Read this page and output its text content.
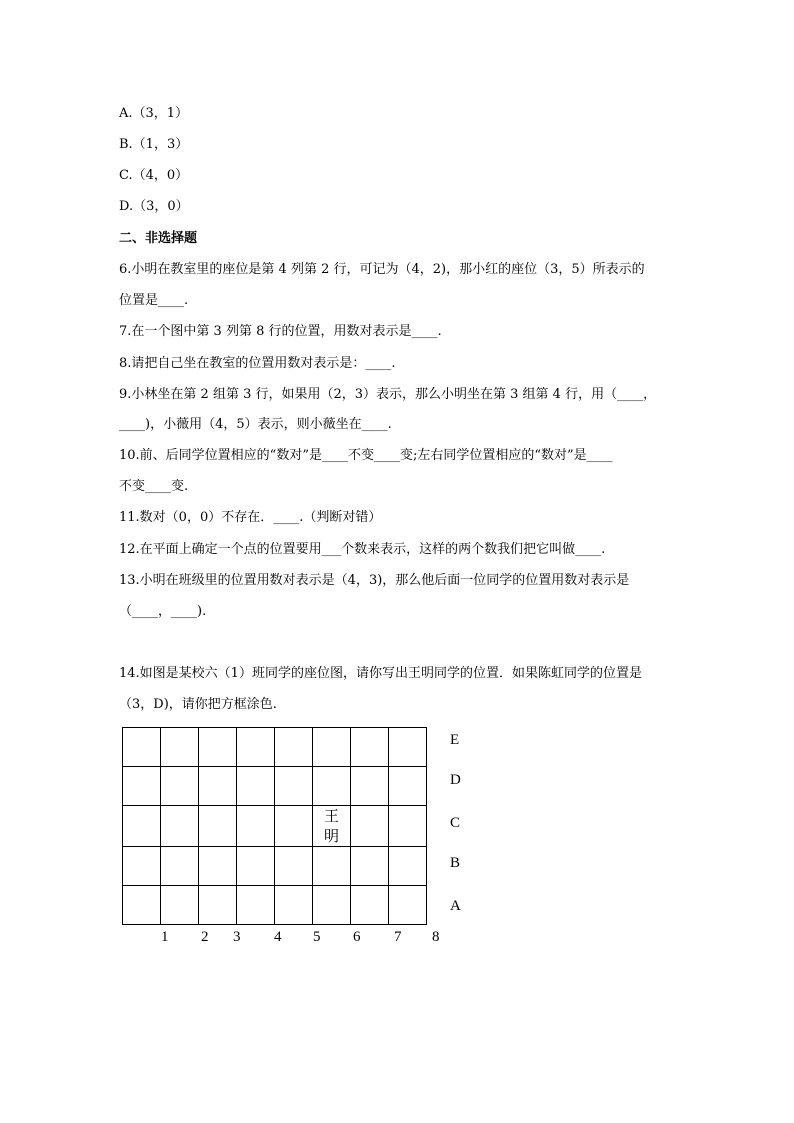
A.（3，1）
B.（1，3）
C.（4，0）
D.（3，0）
二、非选择题
6.小明在教室里的座位是第 4 列第 2 行，可记为（4，2)，那小红的座位（3，5）所表示的
位置是____.
7.在一个图中第 3 列第 8 行的位置，用数对表示是____.
8.请把自己坐在教室的位置用数对表示是：____.
9.小林坐在第 2 组第 3 行，如果用（2，3）表示，那么小明坐在第 3 组第 4 行，用（____，
____)，小薇用（4，5）表示，则小薇坐在____.
10.前、后同学位置相应的“数对”是____不变____变;左右同学位置相应的“数对”是____
不变____变.
11.数对（0，0）不存在．____.（判断对错）
12.在平面上确定一个点的位置要用___个数来表示，这样的两个数我们把它叫做____.
13.小明在班级里的位置用数对表示是（4，3)，那么他后面一位同学的位置用数对表示是
（____，____).
14.如图是某校六（1）班同学的座位图，请你写出王明同学的位置．如果陈虹同学的位置是
（3，D)，请你把方框涂色.

					王
明		

E
D
C
B
A
1 2 3 4 5 6 7 8
